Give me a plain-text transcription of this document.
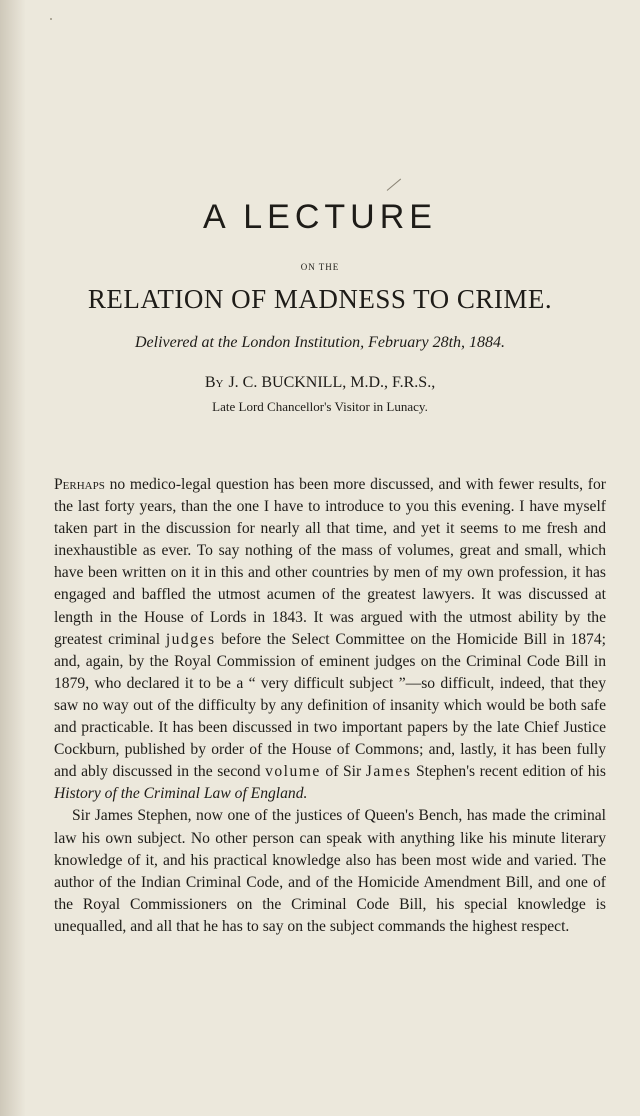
A LECTURE
ON THE
RELATION OF MADNESS TO CRIME.
Delivered at the London Institution, February 28th, 1884.
By J. C. BUCKNILL, M.D., F.R.S.,
Late Lord Chancellor's Visitor in Lunacy.

Perhaps no medico-legal question has been more discussed, and with fewer results, for the last forty years, than the one I have to introduce to you this evening. I have myself taken part in the discussion for nearly all that time, and yet it seems to me fresh and inexhaustible as ever. To say nothing of the mass of volumes, great and small, which have been written on it in this and other countries by men of my own profession, it has engaged and baffled the utmost acumen of the greatest lawyers. It was discussed at length in the House of Lords in 1843. It was argued with the utmost ability by the greatest criminal judges before the Select Committee on the Homicide Bill in 1874; and, again, by the Royal Commission of eminent judges on the Criminal Code Bill in 1879, who declared it to be a “ very difficult subject ”—so difficult, indeed, that they saw no way out of the difficulty by any definition of insanity which would be both safe and practicable. It has been discussed in two important papers by the late Chief Justice Cockburn, published by order of the House of Commons; and, lastly, it has been fully and ably discussed in the second volume of Sir James Stephen's recent edition of his History of the Criminal Law of England.

Sir James Stephen, now one of the justices of Queen's Bench, has made the criminal law his own subject. No other person can speak with anything like his minute literary knowledge of it, and his practical knowledge also has been most wide and varied. The author of the Indian Criminal Code, and of the Homicide Amendment Bill, and one of the Royal Commissioners on the Criminal Code Bill, his special knowledge is unequalled, and all that he has to say on the subject commands the highest respect.
